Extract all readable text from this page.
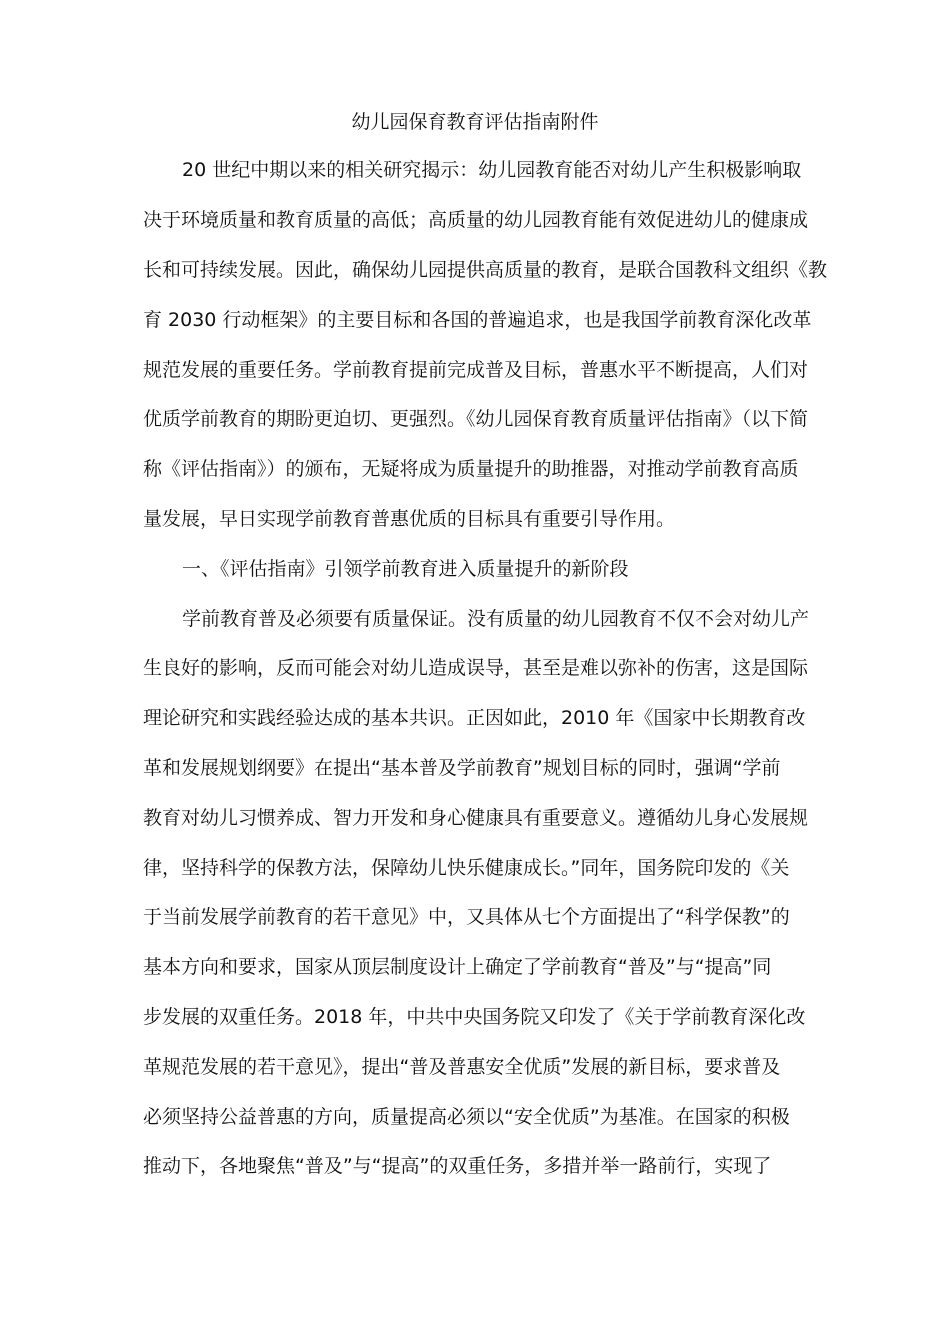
幼儿园保育教育评估指南附件

20 世纪中期以来的相关研究揭示：幼儿园教育能否对幼儿产生积极影响取

决于环境质量和教育质量的高低；高质量的幼儿园教育能有效促进幼儿的健康成

长和可持续发展。因此，确保幼儿园提供高质量的教育，是联合国教科文组织《教

育 2030 行动框架》的主要目标和各国的普遍追求，也是我国学前教育深化改革

规范发展的重要任务。学前教育提前完成普及目标，普惠水平不断提高，人们对

优质学前教育的期盼更迫切、更强烈。《幼儿园保育教育质量评估指南》（以下简

称《评估指南》）的颁布，无疑将成为质量提升的助推器，对推动学前教育高质

量发展，早日实现学前教育普惠优质的目标具有重要引导作用。

一、《评估指南》引领学前教育进入质量提升的新阶段

学前教育普及必须要有质量保证。没有质量的幼儿园教育不仅不会对幼儿产

生良好的影响，反而可能会对幼儿造成误导，甚至是难以弥补的伤害，这是国际

理论研究和实践经验达成的基本共识。正因如此，2010 年《国家中长期教育改

革和发展规划纲要》在提出“基本普及学前教育”规划目标的同时，强调“学前

教育对幼儿习惯养成、智力开发和身心健康具有重要意义。遵循幼儿身心发展规

律，坚持科学的保教方法，保障幼儿快乐健康成长。”同年，国务院印发的《关

于当前发展学前教育的若干意见》中，又具体从七个方面提出了“科学保教”的

基本方向和要求，国家从顶层制度设计上确定了学前教育“普及”与“提高”同

步发展的双重任务。2018 年，中共中央国务院又印发了《关于学前教育深化改

革规范发展的若干意见》，提出“普及普惠安全优质”发展的新目标，要求普及

必须坚持公益普惠的方向，质量提高必须以“安全优质”为基准。在国家的积极

推动下，各地聚焦“普及”与“提高”的双重任务，多措并举一路前行，实现了
